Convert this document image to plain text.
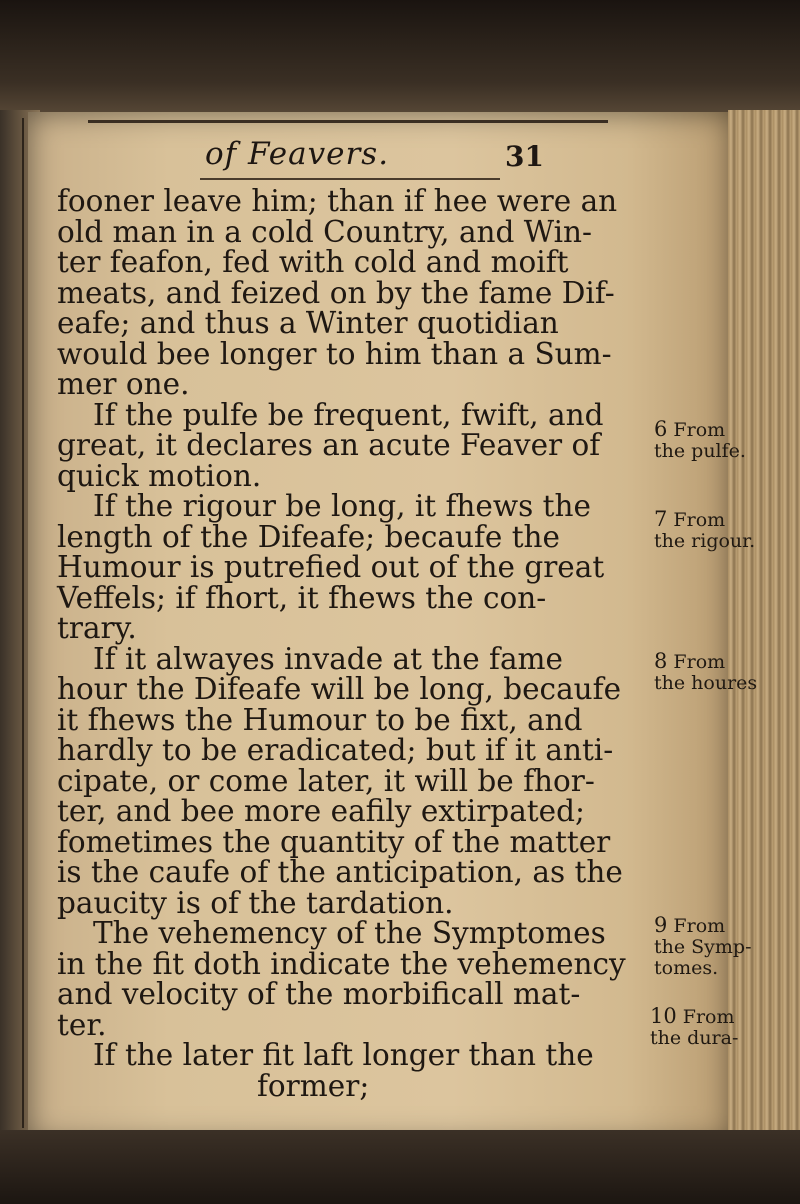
of Feavers.	31
fooner leave him; than if hee were an
old man in a cold Country, and Win-
ter feafon, fed with cold and moift
meats, and feized on by the fame Dif-
eafe; and thus a Winter quotidian
would bee longer to him than a Sum-
mer one.
If the pulfe be frequent, fwift, and
great, it declares an acute Feaver of
quick motion.
If the rigour be long, it fhews the
length of the Difeafe; becaufe the
Humour is putrefied out of the great
Veffels; if fhort, it fhews the con-
trary.
If it alwayes invade at the fame
hour the Difeafe will be long, becaufe
it fhews the Humour to be fixt, and
hardly to be eradicated; but if it anti-
cipate, or come later, it will be fhor-
ter, and bee more eafily extirpated;
fometimes the quantity of the matter
is the caufe of the anticipation, as the
paucity is of the tardation.
The vehemency of the Symptomes
in the fit doth indicate the vehemency
and velocity of the morbificall mat-
ter.
If the later fit laft longer than the
former;
6 From
the pulfe.
7 From
the rigour.
8 From
the houres
9 From
the Symp-
tomes.
10 From
the dura-
